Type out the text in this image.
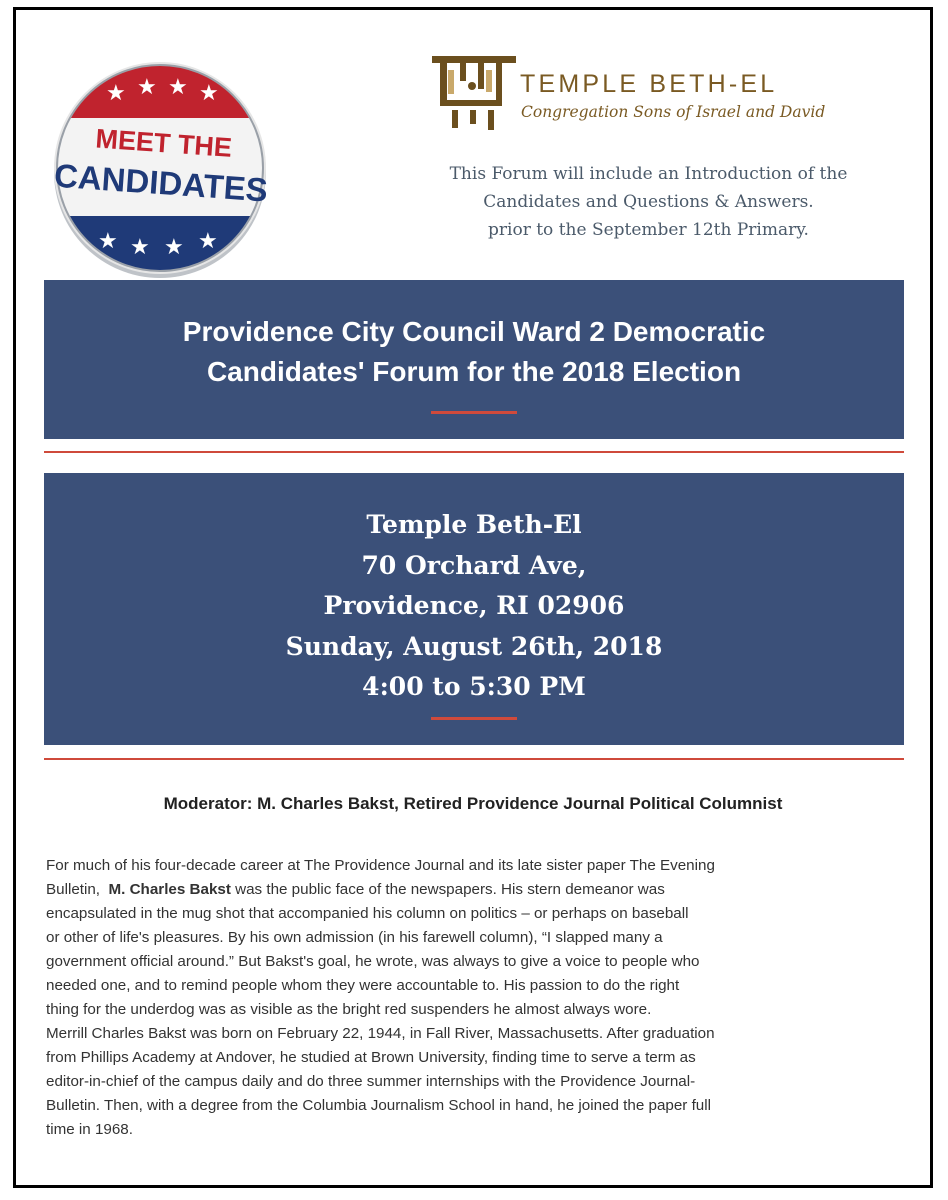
★ ★ ★ ★
★ ★ ★ ★
MEET THE
CANDIDATES
TEMPLE BETH-EL
Congregation Sons of Israel and David
This Forum will include an Introduction of the
Candidates and Questions & Answers.
prior to the September 12th Primary.
Providence City Council Ward 2 Democratic
Candidates' Forum for the 2018 Election
Temple Beth-El
70 Orchard Ave,
Providence, RI 02906
Sunday, August 26th, 2018
4:00 to 5:30 PM
Moderator: M. Charles Bakst, Retired Providence Journal Political Columnist
For much of his four-decade career at The Providence Journal and its late sister paper The Evening
Bulletin, M. Charles Bakst was the public face of the newspapers. His stern demeanor was
encapsulated in the mug shot that accompanied his column on politics – or perhaps on baseball
or other of life's pleasures. By his own admission (in his farewell column), “I slapped many a
government official around.” But Bakst's goal, he wrote, was always to give a voice to people who
needed one, and to remind people whom they were accountable to. His passion to do the right
thing for the underdog was as visible as the bright red suspenders he almost always wore.
Merrill Charles Bakst was born on February 22, 1944, in Fall River, Massachusetts. After graduation
from Phillips Academy at Andover, he studied at Brown University, finding time to serve a term as
editor-in-chief of the campus daily and do three summer internships with the Providence Journal-
Bulletin. Then, with a degree from the Columbia Journalism School in hand, he joined the paper full
time in 1968.
